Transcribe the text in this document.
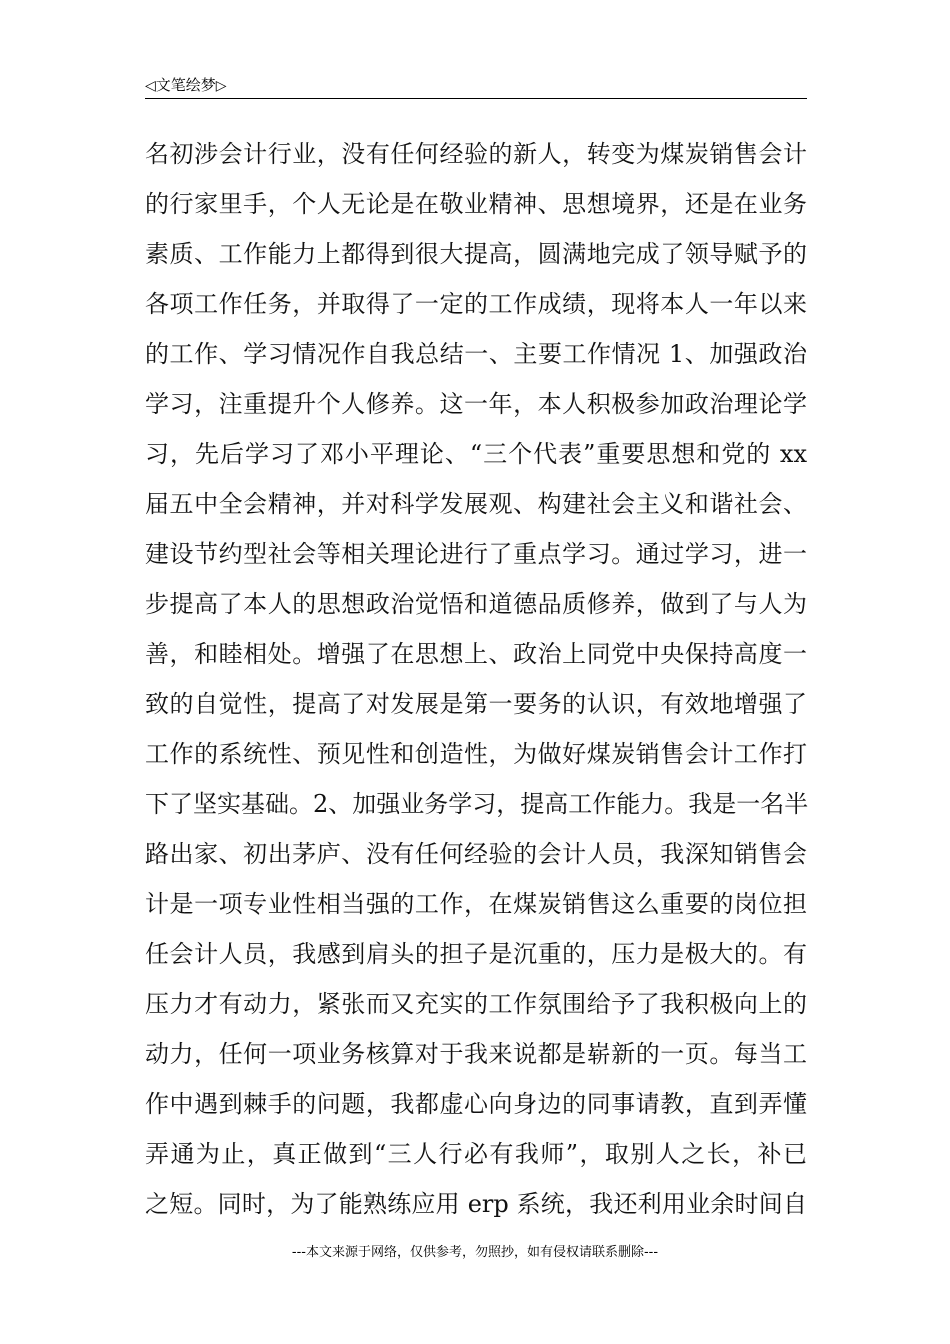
◁文笔绘梦▷
名初涉会计行业，没有任何经验的新人，转变为煤炭销售会计
的行家里手，个人无论是在敬业精神、思想境界，还是在业务
素质、工作能力上都得到很大提高，圆满地完成了领导赋予的
各项工作任务，并取得了一定的工作成绩，现将本人一年以来
的工作、学习情况作自我总结一、主要工作情况 1、加强政治
学习，注重提升个人修养。这一年，本人积极参加政治理论学
习，先后学习了邓小平理论、“三个代表”重要思想和党的 xx
届五中全会精神，并对科学发展观、构建社会主义和谐社会、
建设节约型社会等相关理论进行了重点学习。通过学习，进一
步提高了本人的思想政治觉悟和道德品质修养，做到了与人为
善，和睦相处。增强了在思想上、政治上同党中央保持高度一
致的自觉性，提高了对发展是第一要务的认识，有效地增强了
工作的系统性、预见性和创造性，为做好煤炭销售会计工作打
下了坚实基础。2、加强业务学习，提高工作能力。我是一名半
路出家、初出茅庐、没有任何经验的会计人员，我深知销售会
计是一项专业性相当强的工作，在煤炭销售这么重要的岗位担
任会计人员，我感到肩头的担子是沉重的，压力是极大的。有
压力才有动力，紧张而又充实的工作氛围给予了我积极向上的
动力，任何一项业务核算对于我来说都是崭新的一页。每当工
作中遇到棘手的问题，我都虚心向身边的同事请教，直到弄懂
弄通为止，真正做到“三人行必有我师”，取别人之长，补已
之短。同时，为了能熟练应用 erp 系统，我还利用业余时间自
---本文来源于网络，仅供参考，勿照抄，如有侵权请联系删除---
